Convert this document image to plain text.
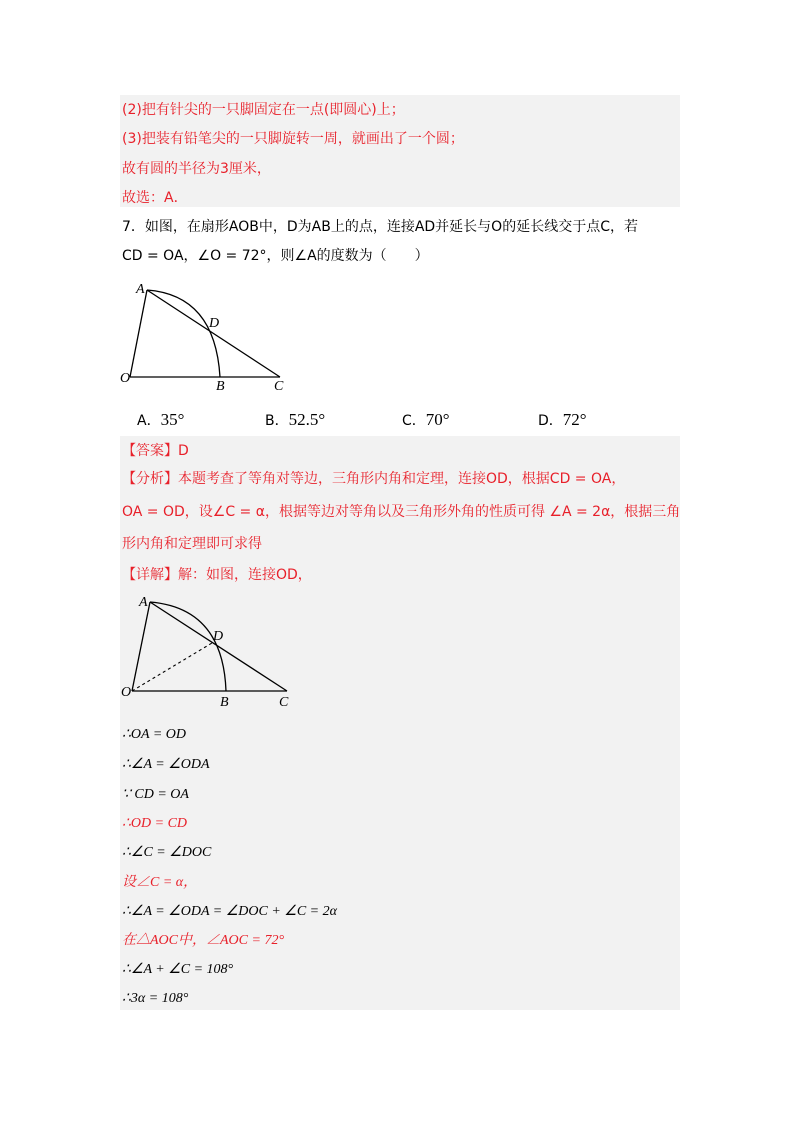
(2)把有针尖的一只脚固定在一点(即圆心)上；
(3)把装有铅笔尖的一只脚旋转一周，就画出了一个圆；
故有圆的半径为3厘米，
故选：A．
7．如图，在扇形AOB中，D为AB上的点，连接AD并延长与O的延长线交于点C，若
CD = OA，∠O = 72°，则∠A的度数为（　　）
A
D
O
B	C
A．35°	B．52.5°	C．70°	D．72°
【答案】D
【分析】本题考查了等角对等边，三角形内角和定理，连接OD，根据CD = OA，
OA = OD，设∠C = α，根据等边对等角以及三角形外角的性质可得 ∠A = 2α，根据三角
形内角和定理即可求得
【详解】解：如图，连接OD，
A
D
O
B	C
∴OA = OD
∴∠A = ∠ODA
∵ CD = OA
∴OD = CD
∴∠C = ∠DOC
设∠C = α，
∴∠A = ∠ODA = ∠DOC + ∠C = 2α
在△AOC中，∠AOC = 72°
∴∠A + ∠C = 108°
∴3α = 108°
